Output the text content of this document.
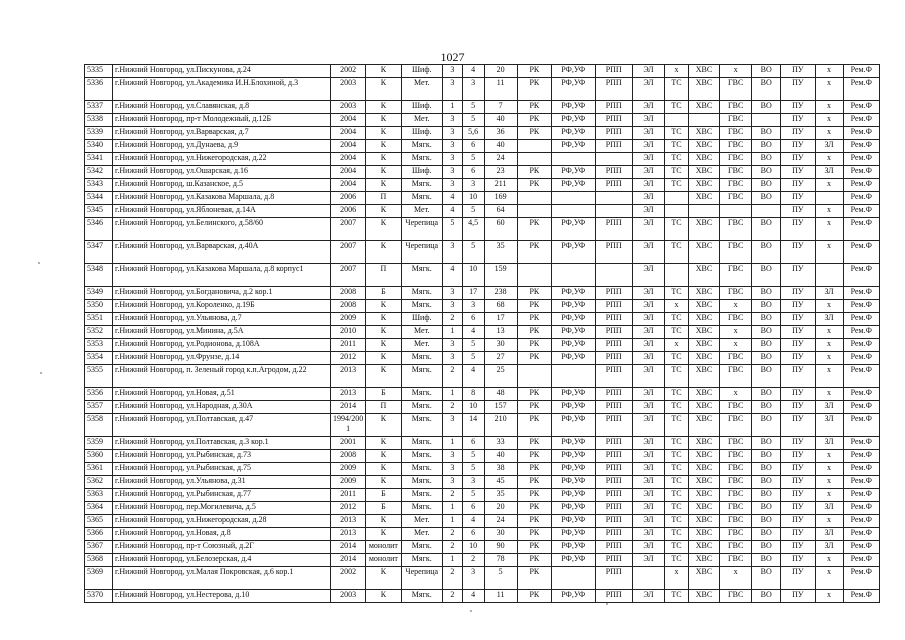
1027
5335	г.Нижний Новгород, ул.Пискунова, д.24	2002	К	Шиф.	3	4	20	РК	РФ,УФ	РПП	ЭЛ	х	ХВС	х	ВО	ПУ	х	Рем.Ф
5336	г.Нижний Новгород, ул.Академика И.Н.Блохиной, д.3	2003	К	Мет.	3	3	11	РК	РФ,УФ	РПП	ЭЛ	ТС	ХВС	ГВС	ВО	ПУ	х	Рем.Ф
5337	г.Нижний Новгород, ул.Славянская, д.8	2003	К	Шиф.	1	5	7	РК	РФ,УФ	РПП	ЭЛ	ТС	ХВС	ГВС	ВО	ПУ	х	Рем.Ф
5338	г.Нижний Новгород, пр-т Молодежный, д.12Б	2004	К	Мет.	3	5	40	РК	РФ,УФ	РПП	ЭЛ			ГВС		ПУ	х	Рем.Ф
5339	г.Нижний Новгород, ул.Варварская, д.7	2004	К	Шиф.	3	5,6	36	РК	РФ,УФ	РПП	ЭЛ	ТС	ХВС	ГВС	ВО	ПУ	х	Рем.Ф
5340	г.Нижний Новгород, ул.Дунаева, д.9	2004	К	Мягк.	3	6	40		РФ,УФ	РПП	ЭЛ	ТС	ХВС	ГВС	ВО	ПУ	ЗЛ	Рем.Ф
5341	г.Нижний Новгород, ул.Нижегородская, д.22	2004	К	Мягк.	3	5	24				ЭЛ	ТС	ХВС	ГВС	ВО	ПУ	х	Рем.Ф
5342	г.Нижний Новгород, ул.Ошарская, д.16	2004	К	Шиф.	3	6	23	РК	РФ,УФ	РПП	ЭЛ	ТС	ХВС	ГВС	ВО	ПУ	ЗЛ	Рем.Ф
5343	г.Нижний Новгород, ш.Казанское, д.5	2004	К	Мягк.	3	3	211	РК	РФ,УФ	РПП	ЭЛ	ТС	ХВС	ГВС	ВО	ПУ	х	Рем.Ф
5344	г.Нижний Новгород, ул.Казакова Маршала, д.8	2006	П	Мягк.	4	10	169				ЭЛ		ХВС	ГВС	ВО	ПУ		Рем.Ф
5345	г.Нижний Новгород, ул.Яблоневая, д.14А	2006	К	Мет.	4	5	64				ЭЛ					ПУ	х	Рем.Ф
5346	г.Нижний Новгород, ул.Белинского, д.58/60	2007	К	Черепица	5	4,5	60	РК	РФ,УФ	РПП	ЭЛ	ТС	ХВС	ГВС	ВО	ПУ	х	Рем.Ф
5347	г.Нижний Новгород, ул.Варварская, д.40А	2007	К	Черепица	3	5	35	РК	РФ,УФ	РПП	ЭЛ	ТС	ХВС	ГВС	ВО	ПУ	х	Рем.Ф
5348	г.Нижний Новгород, ул.Казакова Маршала, д.8 корпус1	2007	П	Мягк.	4	10	159				ЭЛ		ХВС	ГВС	ВО	ПУ		Рем.Ф
5349	г.Нижний Новгород, ул.Богдановича, д.2 кор.1	2008	Б	Мягк.	3	17	238	РК	РФ,УФ	РПП	ЭЛ	ТС	ХВС	ГВС	ВО	ПУ	ЗЛ	Рем.Ф
5350	г.Нижний Новгород, ул.Короленко, д.19Б	2008	К	Мягк.	3	3	68	РК	РФ,УФ	РПП	ЭЛ	х	ХВС	х	ВО	ПУ	х	Рем.Ф
5351	г.Нижний Новгород, ул.Ульянова, д.7	2009	К	Шиф.	2	6	17	РК	РФ,УФ	РПП	ЭЛ	ТС	ХВС	ГВС	ВО	ПУ	ЗЛ	Рем.Ф
5352	г.Нижний Новгород, ул.Минина, д.5А	2010	К	Мет.	1	4	13	РК	РФ,УФ	РПП	ЭЛ	ТС	ХВС	х	ВО	ПУ	х	Рем.Ф
5353	г.Нижний Новгород, ул.Родионова, д.108А	2011	К	Мет.	3	5	30	РК	РФ,УФ	РПП	ЭЛ	х	ХВС	х	ВО	ПУ	х	Рем.Ф
5354	г.Нижний Новгород, ул.Фрунзе, д.14	2012	К	Мягк.	3	5	27	РК	РФ,УФ	РПП	ЭЛ	ТС	ХВС	ГВС	ВО	ПУ	х	Рем.Ф
5355	г.Нижний Новгород, п. Зеленый город к.п.Агродом, д.22	2013	К	Мягк.	2	4	25			РПП	ЭЛ	ТС	ХВС	ГВС	ВО	ПУ	х	Рем.Ф
5356	г.Нижний Новгород, ул.Новая, д.51	2013	Б	Мягк.	1	8	48	РК	РФ,УФ	РПП	ЭЛ	ТС	ХВС	х	ВО	ПУ	х	Рем.Ф
5357	г.Нижний Новгород, ул.Народная, д.30А	2014	П	Мягк.	2	10	157	РК	РФ,УФ	РПП	ЭЛ	ТС	ХВС	ГВС	ВО	ПУ	ЗЛ	Рем.Ф
5358	г.Нижний Новгород, ул.Полтавская, д.47	1994/2001	К	Мягк.	3	14	210	РК	РФ,УФ	РПП	ЭЛ	ТС	ХВС	ГВС	ВО	ПУ	ЗЛ	Рем.Ф
5359	г.Нижний Новгород, ул.Полтавская, д.3 кор.1	2001	К	Мягк.	1	6	33	РК	РФ,УФ	РПП	ЭЛ	ТС	ХВС	ГВС	ВО	ПУ	ЗЛ	Рем.Ф
5360	г.Нижний Новгород, ул.Рыбинская, д.73	2008	К	Мягк.	3	5	40	РК	РФ,УФ	РПП	ЭЛ	ТС	ХВС	ГВС	ВО	ПУ	х	Рем.Ф
5361	г.Нижний Новгород, ул.Рыбинская, д.75	2009	К	Мягк.	3	5	38	РК	РФ,УФ	РПП	ЭЛ	ТС	ХВС	ГВС	ВО	ПУ	х	Рем.Ф
5362	г.Нижний Новгород, ул.Ульянова, д.31	2009	К	Мягк.	3	3	45	РК	РФ,УФ	РПП	ЭЛ	ТС	ХВС	ГВС	ВО	ПУ	х	Рем.Ф
5363	г.Нижний Новгород, ул.Рыбинская, д.77	2011	Б	Мягк.	2	5	35	РК	РФ,УФ	РПП	ЭЛ	ТС	ХВС	ГВС	ВО	ПУ	х	Рем.Ф
5364	г.Нижний Новгород, пер.Могилевича, д.5	2012	Б	Мягк.	1	6	20	РК	РФ,УФ	РПП	ЭЛ	ТС	ХВС	ГВС	ВО	ПУ	ЗЛ	Рем.Ф
5365	г.Нижний Новгород, ул.Нижегородская, д.28	2013	К	Мет.	1	4	24	РК	РФ,УФ	РПП	ЭЛ	ТС	ХВС	ГВС	ВО	ПУ	х	Рем.Ф
5366	г.Нижний Новгород, ул.Новая, д.8	2013	К	Мет.	2	6	30	РК	РФ,УФ	РПП	ЭЛ	ТС	ХВС	ГВС	ВО	ПУ	ЗЛ	Рем.Ф
5367	г.Нижний Новгород, пр-т Союзный, д.2Г	2014	монолит	Мягк.	2	10	90	РК	РФ,УФ	РПП	ЭЛ	ТС	ХВС	ГВС	ВО	ПУ	ЗЛ	Рем.Ф
5368	г.Нижний Новгород, ул.Белозерская, д.4	2014	монолит	Мягк.	1	2	78	РК	РФ,УФ	РПП	ЭЛ	ТС	ХВС	ГВС	ВО	ПУ	х	Рем.Ф
5369	г.Нижний Новгород, ул.Малая Покровская, д.6 кор.1	2002	К	Черепица	2	3	5	РК		РПП		х	ХВС	х	ВО	ПУ	х	Рем.Ф
5370	г.Нижний Новгород, ул.Нестерова, д.10	2003	К	Мягк.	2	4	11	РК	РФ,УФ	РПП	ЭЛ	ТС	ХВС	ГВС	ВО	ПУ	х	Рем.Ф
